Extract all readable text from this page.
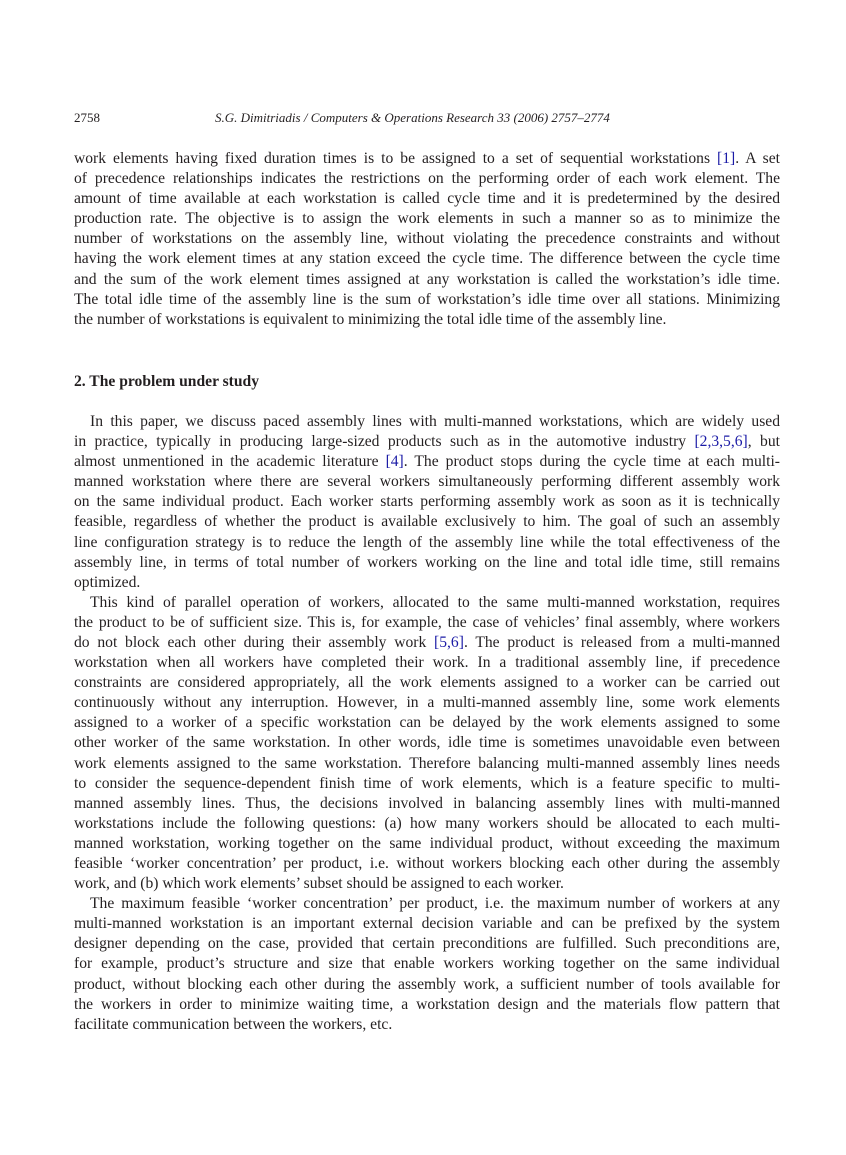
2758	S.G. Dimitriadis / Computers & Operations Research 33 (2006) 2757–2774
work elements having fixed duration times is to be assigned to a set of sequential workstations [1]. A set
of precedence relationships indicates the restrictions on the performing order of each work element. The
amount of time available at each workstation is called cycle time and it is predetermined by the desired
production rate. The objective is to assign the work elements in such a manner so as to minimize the
number of workstations on the assembly line, without violating the precedence constraints and without
having the work element times at any station exceed the cycle time. The difference between the cycle time
and the sum of the work element times assigned at any workstation is called the workstation’s idle time.
The total idle time of the assembly line is the sum of workstation’s idle time over all stations. Minimizing
the number of workstations is equivalent to minimizing the total idle time of the assembly line.
2. The problem under study
In this paper, we discuss paced assembly lines with multi-manned workstations, which are widely used
in practice, typically in producing large-sized products such as in the automotive industry [2,3,5,6], but
almost unmentioned in the academic literature [4]. The product stops during the cycle time at each multi-
manned workstation where there are several workers simultaneously performing different assembly work
on the same individual product. Each worker starts performing assembly work as soon as it is technically
feasible, regardless of whether the product is available exclusively to him. The goal of such an assembly
line configuration strategy is to reduce the length of the assembly line while the total effectiveness of the
assembly line, in terms of total number of workers working on the line and total idle time, still remains
optimized.
This kind of parallel operation of workers, allocated to the same multi-manned workstation, requires
the product to be of sufficient size. This is, for example, the case of vehicles’ final assembly, where workers
do not block each other during their assembly work [5,6]. The product is released from a multi-manned
workstation when all workers have completed their work. In a traditional assembly line, if precedence
constraints are considered appropriately, all the work elements assigned to a worker can be carried out
continuously without any interruption. However, in a multi-manned assembly line, some work elements
assigned to a worker of a specific workstation can be delayed by the work elements assigned to some
other worker of the same workstation. In other words, idle time is sometimes unavoidable even between
work elements assigned to the same workstation. Therefore balancing multi-manned assembly lines needs
to consider the sequence-dependent finish time of work elements, which is a feature specific to multi-
manned assembly lines. Thus, the decisions involved in balancing assembly lines with multi-manned
workstations include the following questions: (a) how many workers should be allocated to each multi-
manned workstation, working together on the same individual product, without exceeding the maximum
feasible ‘worker concentration’ per product, i.e. without workers blocking each other during the assembly
work, and (b) which work elements’ subset should be assigned to each worker.
The maximum feasible ‘worker concentration’ per product, i.e. the maximum number of workers at any
multi-manned workstation is an important external decision variable and can be prefixed by the system
designer depending on the case, provided that certain preconditions are fulfilled. Such preconditions are,
for example, product’s structure and size that enable workers working together on the same individual
product, without blocking each other during the assembly work, a sufficient number of tools available for
the workers in order to minimize waiting time, a workstation design and the materials flow pattern that
facilitate communication between the workers, etc.
